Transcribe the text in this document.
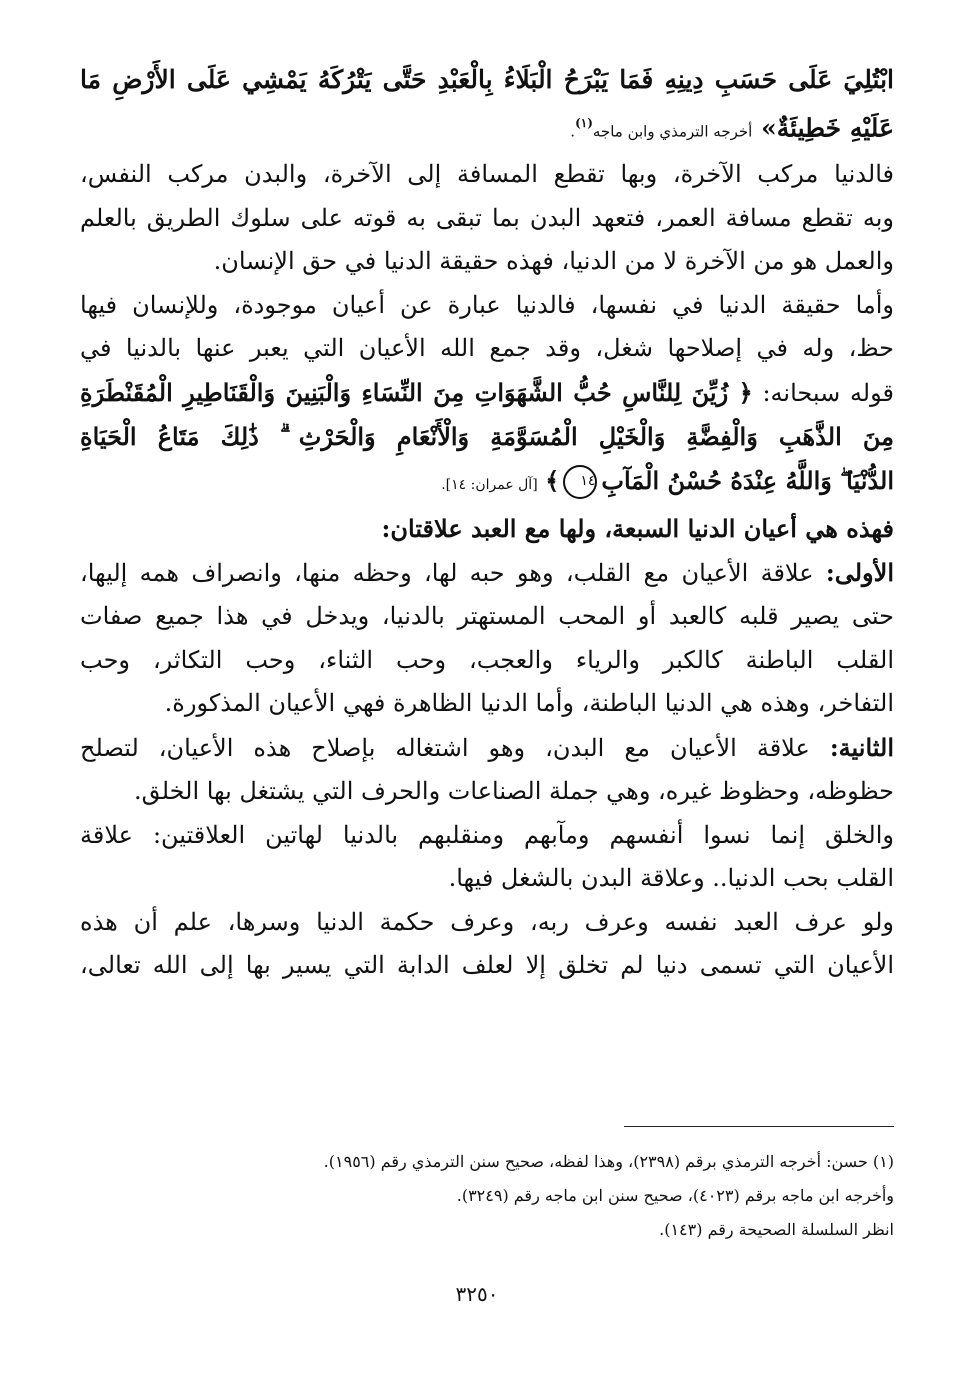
ابْتُلِيَ عَلَى حَسَبِ دِينِهِ فَمَا يَبْرَحُ الْبَلَاءُ بِالْعَبْدِ حَتَّى يَتْرُكَهُ يَمْشِي عَلَى الأَرْضِ مَا
عَلَيْهِ خَطِيئَةٌ» أخرجه الترمذي وابن ماجه$^{(١)}$.
فالدنيا مركب الآخرة، وبها تقطع المسافة إلى الآخرة، والبدن مركب النفس،
وبه تقطع مسافة العمر، فتعهد البدن بما تبقى به قوته على سلوك الطريق بالعلم
والعمل هو من الآخرة لا من الدنيا، فهذه حقيقة الدنيا في حق الإنسان.
وأما حقيقة الدنيا في نفسها، فالدنيا عبارة عن أعيان موجودة، وللإنسان فيها
حظ، وله في إصلاحها شغل، وقد جمع الله الأعيان التي يعبر عنها بالدنيا في
قوله سبحانه: ﴿ زُيِّنَ لِلنَّاسِ حُبُّ الشَّهَوَاتِ مِنَ النِّسَاءِ وَالْبَنِينَ وَالْقَنَاطِيرِ الْمُقَنْطَرَةِ
مِنَ الذَّهَبِ وَالْفِضَّةِ وَالْخَيْلِ الْمُسَوَّمَةِ وَالْأَنْعَامِ وَالْحَرْثِ ۗ ذَٰلِكَ مَتَاعُ الْحَيَاةِ
الدُّنْيَا ۖ وَاللَّهُ عِنْدَهُ حُسْنُ الْمَآبِ١٤﴾ [آل عمران: ١٤].
فهذه هي أعيان الدنيا السبعة، ولها مع العبد علاقتان:
الأولى: علاقة الأعيان مع القلب، وهو حبه لها، وحظه منها، وانصراف همه إليها،
حتى يصير قلبه كالعبد أو المحب المستهتر بالدنيا، ويدخل في هذا جميع صفات
القلب الباطنة كالكبر والرياء والعجب، وحب الثناء، وحب التكاثر، وحب
التفاخر، وهذه هي الدنيا الباطنة، وأما الدنيا الظاهرة فهي الأعيان المذكورة.
الثانية: علاقة الأعيان مع البدن، وهو اشتغاله بإصلاح هذه الأعيان، لتصلح
حظوظه، وحظوظ غيره، وهي جملة الصناعات والحرف التي يشتغل بها الخلق.
والخلق إنما نسوا أنفسهم ومآبهم ومنقلبهم بالدنيا لهاتين العلاقتين: علاقة
القلب بحب الدنيا.. وعلاقة البدن بالشغل فيها.
ولو عرف العبد نفسه وعرف ربه، وعرف حكمة الدنيا وسرها، علم أن هذه
الأعيان التي تسمى دنيا لم تخلق إلا لعلف الدابة التي يسير بها إلى الله تعالى،
(١) حسن: أخرجه الترمذي برقم (٢٣٩٨)، وهذا لفظه، صحيح سنن الترمذي رقم (١٩٥٦).
وأخرجه ابن ماجه برقم (٤٠٢٣)، صحيح سنن ابن ماجه رقم (٣٢٤٩).
انظر السلسلة الصحيحة رقم (١٤٣).
٣٢٥٠
